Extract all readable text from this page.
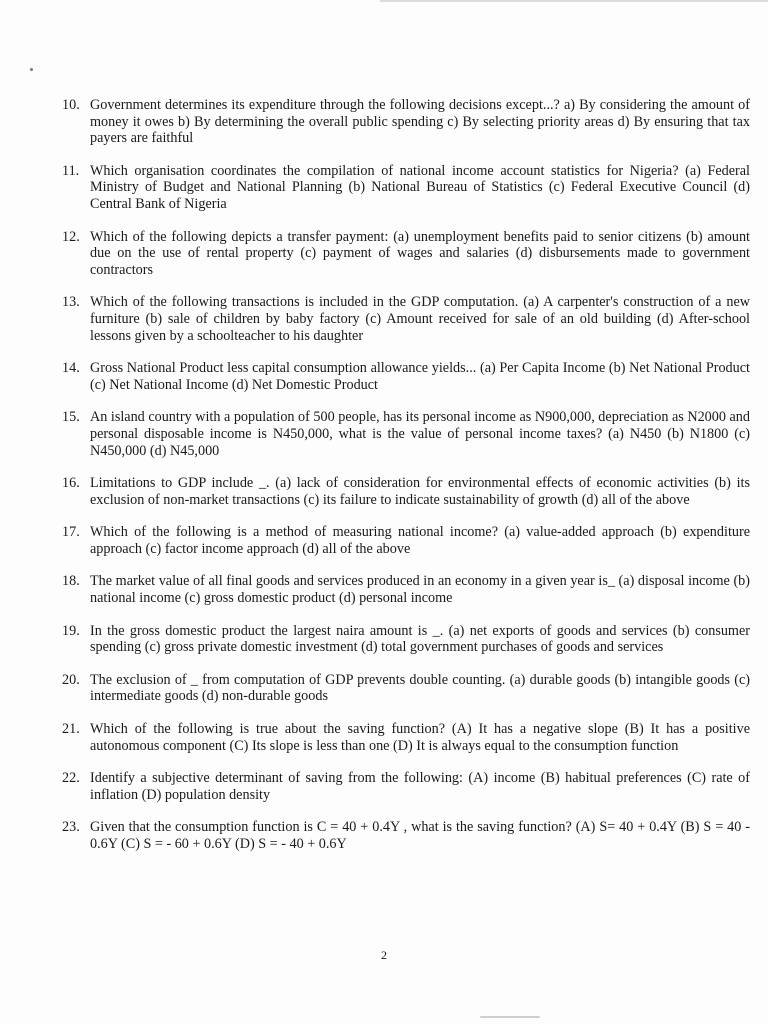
10. Government determines its expenditure through the following decisions except...? a) By considering the amount of money it owes b) By determining the overall public spending c) By selecting priority areas d) By ensuring that tax payers are faithful
11. Which organisation coordinates the compilation of national income account statistics for Nigeria? (a) Federal Ministry of Budget and National Planning (b) National Bureau of Statistics (c) Federal Executive Council (d) Central Bank of Nigeria
12. Which of the following depicts a transfer payment: (a) unemployment benefits paid to senior citizens (b) amount due on the use of rental property (c) payment of wages and salaries (d) disbursements made to government contractors
13. Which of the following transactions is included in the GDP computation. (a) A carpenter's construction of a new furniture (b) sale of children by baby factory (c) Amount received for sale of an old building (d) After-school lessons given by a schoolteacher to his daughter
14. Gross National Product less capital consumption allowance yields... (a) Per Capita Income (b) Net National Product (c) Net National Income (d) Net Domestic Product
15. An island country with a population of 500 people, has its personal income as N900,000, depreciation as N2000 and personal disposable income is N450,000, what is the value of personal income taxes? (a) N450 (b) N1800 (c) N450,000 (d) N45,000
16. Limitations to GDP include _. (a) lack of consideration for environmental effects of economic activities (b) its exclusion of non-market transactions (c) its failure to indicate sustainability of growth (d) all of the above
17. Which of the following is a method of measuring national income? (a) value-added approach (b) expenditure approach (c) factor income approach (d) all of the above
18. The market value of all final goods and services produced in an economy in a given year is_ (a) disposal income (b) national income (c) gross domestic product (d) personal income
19. In the gross domestic product the largest naira amount is _. (a) net exports of goods and services (b) consumer spending (c) gross private domestic investment (d) total government purchases of goods and services
20. The exclusion of _ from computation of GDP prevents double counting. (a) durable goods (b) intangible goods (c) intermediate goods (d) non-durable goods
21. Which of the following is true about the saving function? (A) It has a negative slope (B) It has a positive autonomous component (C) Its slope is less than one (D) It is always equal to the consumption function
22. Identify a subjective determinant of saving from the following: (A) income (B) habitual preferences (C) rate of inflation (D) population density
23. Given that the consumption function is C = 40 + 0.4Y , what is the saving function? (A) S= 40 + 0.4Y (B) S = 40 - 0.6Y (C) S = - 60 + 0.6Y (D) S = - 40 + 0.6Y
2
